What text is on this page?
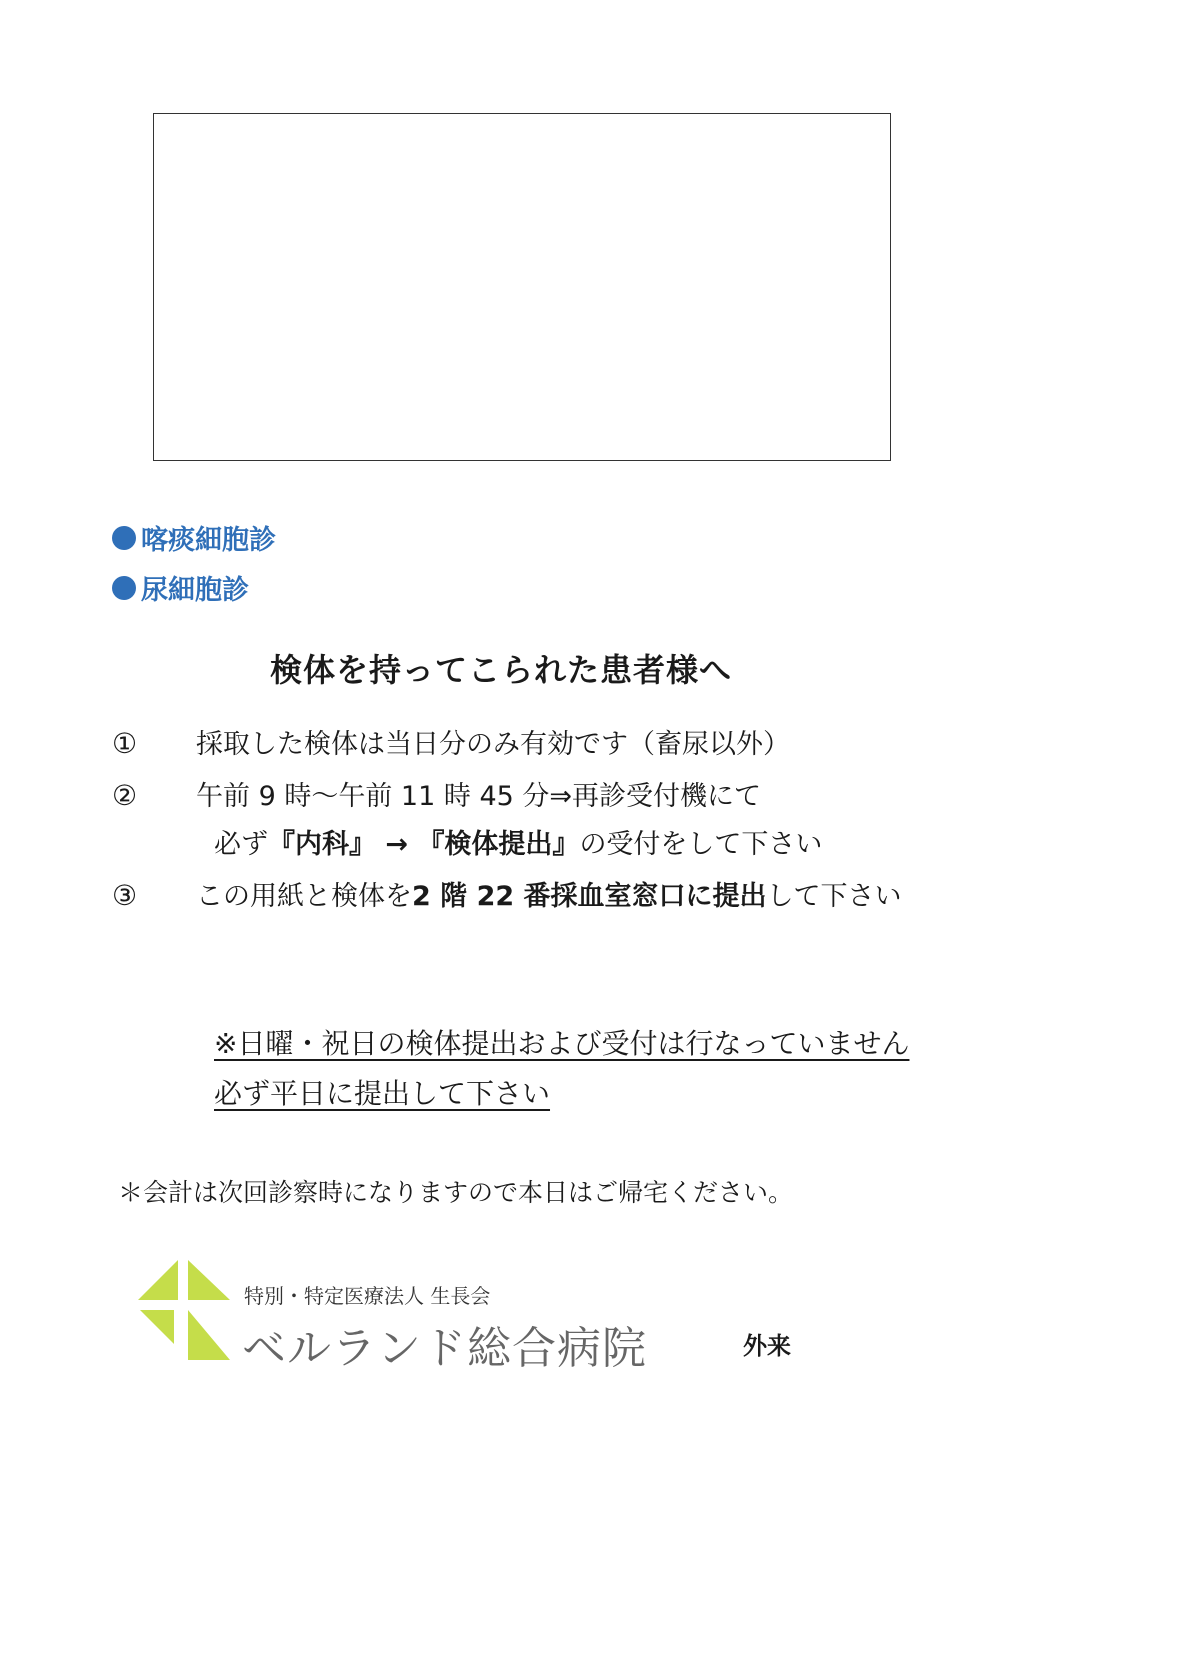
喀痰細胞診
尿細胞診
検体を持ってこられた患者様へ
① 採取した検体は当日分のみ有効です（畜尿以外）
② 午前 9 時～午前 11 時 45 分⇒再診受付機にて
必ず『内科』 → 『検体提出』の受付をして下さい
③ この用紙と検体を2 階 22 番採血室窓口に提出して下さい
※日曜・祝日の検体提出および受付は行なっていません
必ず平日に提出して下さい
＊会計は次回診察時になりますので本日はご帰宅ください。
特別・特定医療法人 生長会
ベルランド総合病院	外来
